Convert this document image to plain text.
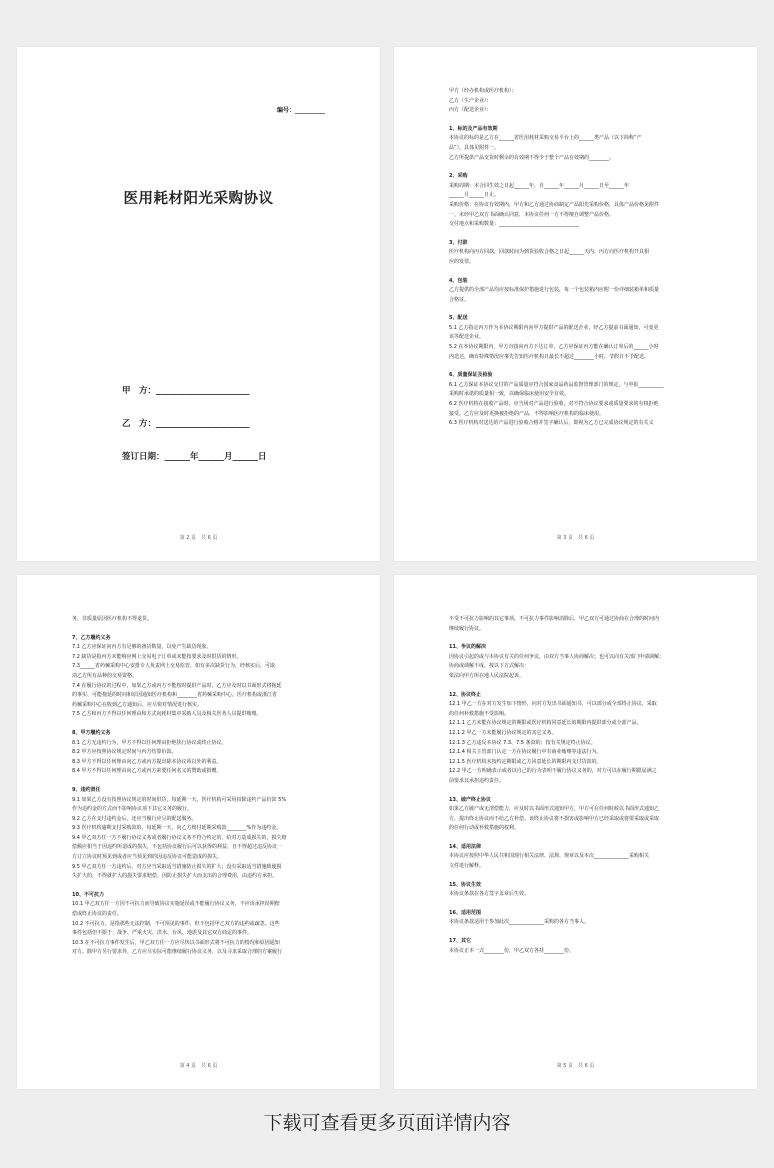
编号：__________
医用耗材阳光采购协议
甲　方：______________________
乙　方：______________________
签订日期：______年______月______日
第 2 页　共 6 页

甲方（经办机构或医疗机构）：

乙方（生产企业）：

丙方（配送企业）：

1、标的及产品有效期

本协议的标的是乙方在______省医用耗材采购交易平台上的______类产品（以下简称“产

品”），具体见附件一。

乙方所提供产品交货时剩余的有效期不得少于整个产品有效期的________。

2、采购

采购周期：本合同生效之日起______年，自______年______月______日至______年

______月______日止。

采购价格：在协议有效期内，甲方和乙方通过协商制定产品阳光采购价格，具体产品价格见附件

一。未经甲乙双方书面确认同意，本协议任何一方不得擅自调整产品价格。

交付地点和采购数量：________________________________

3、付款

医疗机构向丙方回款，回款时间为到货验收合格之日起______天内，丙方向医疗机构开具相

应的发票。

4、包装

乙方提供的全部产品均应按标准保护措施进行包装，每一个包装箱内应附一份详细装箱单和质量

合格证。

5、配送

5.1 乙方指定丙方作为本协议期限内向甲方提供产品的配送企业，经乙方提前书面通知，可变更

该等配送企业。

5.2 在本协议期限内，甲方直接向丙方下达订单，乙方应保证丙方能在确认订单后的______小时

内送达，确有特殊情况应事先告知医疗机构且最长不超过________小时，节假日不予配送。

6、质量保证及检验

6.1 乙方保证本协议交付的产品质量应符合国家食品药品监督管理部门的规定，与申报__________

采购时承诺的质量相一致，以确保临床使用安全有效。

6.2 医疗机构在接收产品时，应当场对产品进行验收，对不符合协议要求或质量要求的有权拒绝

接受。乙方应及时更换被拒绝的产品，不得影响医疗机构的临床使用。

6.3 医疗机构对送达的产品进行验收合格并签字确认后，即视为乙方已完成协议规定的有关义

第 3 页　共 6 页

务，非质量原因医疗机构不得退货。

7、乙方履约义务

7.1 乙方应保证向丙方有足够的备货数量，以免产生缺货现象。

7.2 缺货是指丙方未能响应网上交易电子订单或未能按要求及时供货的情形。

7.3______省药械采购中心安排专人负责网上交易监管，如有多次缺货行为，经核实后，可取

消乙方所有品种的交易资格。

7.4 在履行协议的过程中，如果乙方或丙方不能按时提供产品时，乙方应及时以书面形式将拖延

的事实、可能拖延的时间和原因通知医疗机构和________省药械采购中心。医疗机构或浙江省

药械采购中心在收到乙方通知后，应尽快对情况进行核实。

7.5 乙方和丙方不得以任何理由和方式向耗材集中采购人员及相关医务人员提供贿赂。

8、甲方履约义务

8.1 乙方无违约行为，甲方不得以任何理由拒绝执行协议或终止协议。

8.2 甲方应按照协议规定时间与丙方结算价款。

8.3 甲方不得以任何理由向乙方或丙方提出除本协议项以外的利益。

8.4 甲方不得以任何理由向乙方或丙方索要任何名义的赞助或捐赠。

9、违约责任

9.1 如果乙方没有按照协议规定的时间供货，每延期一天，医疗机构可采用扣除违约产品价款 5%

作为违约金的方式而不影响协议项下其它义务的履行。

9.2 乙方在支付违约金后，还应当履行应尽的配送服务。

9.3 医疗机构逾期支付采购款的，每延期一天，向乙方赔付延期采购款________%作为违约金。

9.4 甲乙双方任一方不履行协议义务或者履行协议义务不符合约定的，给对方造成损失的，损失赔

偿额应相当于因违约所造成的损失，不包括协议履行后可以获得的利益，且不得超过违反协议一

方订立协议时预见到或者应当预见到的因违反协议可能造成的损失。

9.5 甲乙双方任一方违约后，对方应当采取适当措施防止损失的扩大；没有采取适当措施致使损

失扩大的，不得就扩大的损失要求赔偿。因防止损失扩大而支出的合理费用，由违约方承担。

10、不可抗力

10.1 甲乙双方任一方因不可抗力而导致协议实施延误或不能履行协议义务，不应该承担误期赔

偿或终止协议的责任。

10.2 不可抗力，是指那些无法控制、不可预见的事件，但不包括甲乙双方的违约或疏忽。这些

事件包括但不限于：战争、严重火灾、洪水、台风、地震及其它双方商定的事件。

10.3 在不可抗力事件发生后，甲乙双方任一方应尽快以书面形式将不可抗力的情况和原因通知

对方。除甲方另行要求外，乙方应尽实际可能继续履行协议义务，以及寻求采取合理的方案履行

第 4 页　共 6 页

不受不可抗力影响的其它事项。不可抗力事件影响消除后，甲乙双方可通过协商在合理的时间内

继续履行协议。

11、争议的解决

因协议引起的或与本协议有关的任何争议，由双方当事人协商解决；也可以向有关部门申请调解；

协商或调解不成，按以下方式解决：

依法向甲方所在地人民法院起诉。

12、协议终止

12.1 甲乙一方在对方发生如下情形，向对方发出书面通知书，可以部分或全部终止协议，采取

的任何补救措施不受影响。

12.1.1 乙方未能在协议规定的期限或医疗机构同意延长的期限内提供部分或全部产品。

12.1.2 甲乙一方未能履行协议规定的其它义务。

12.1.3 乙方违反本协议 7.3、7.5 条款的；按有关规定终止协议。

12.1.4 相关主管部门认定一方在协议履行中有商业贿赂等违法行为。

12.1.5 医疗机构未按约定期限或乙方同意延长的期限内支付货款的。

12.2 甲乙一方明确表示或者以自己的行为表明不履行协议义务的，对方可以在履行期限届满之

前要求其承担违约责任。

13、破产终止协议

如果乙方破产或无清偿能力，应及时以书面形式通知甲方，甲方可在任何时候以书面形式通知乙

方，提出终止协议而不给乙方补偿。该终止协议将不损害或影响甲方已经采取或将要采取或采取

的任何行动或补救措施的权利。

14、适用法律

本协议应按照中华人民共和国现行相关法律、法规、规章以及本次______________采购相关

文件进行解释。

15、协议生效

本协议条款在各方签字盖章后生效。

16、适用范围

本协议条款适用于参加此次______________采购的各方当事人。

17、其它

本协议正本一式________份，甲乙双方各持________份。

第 5 页　共 6 页
下载可查看更多页面详情内容
